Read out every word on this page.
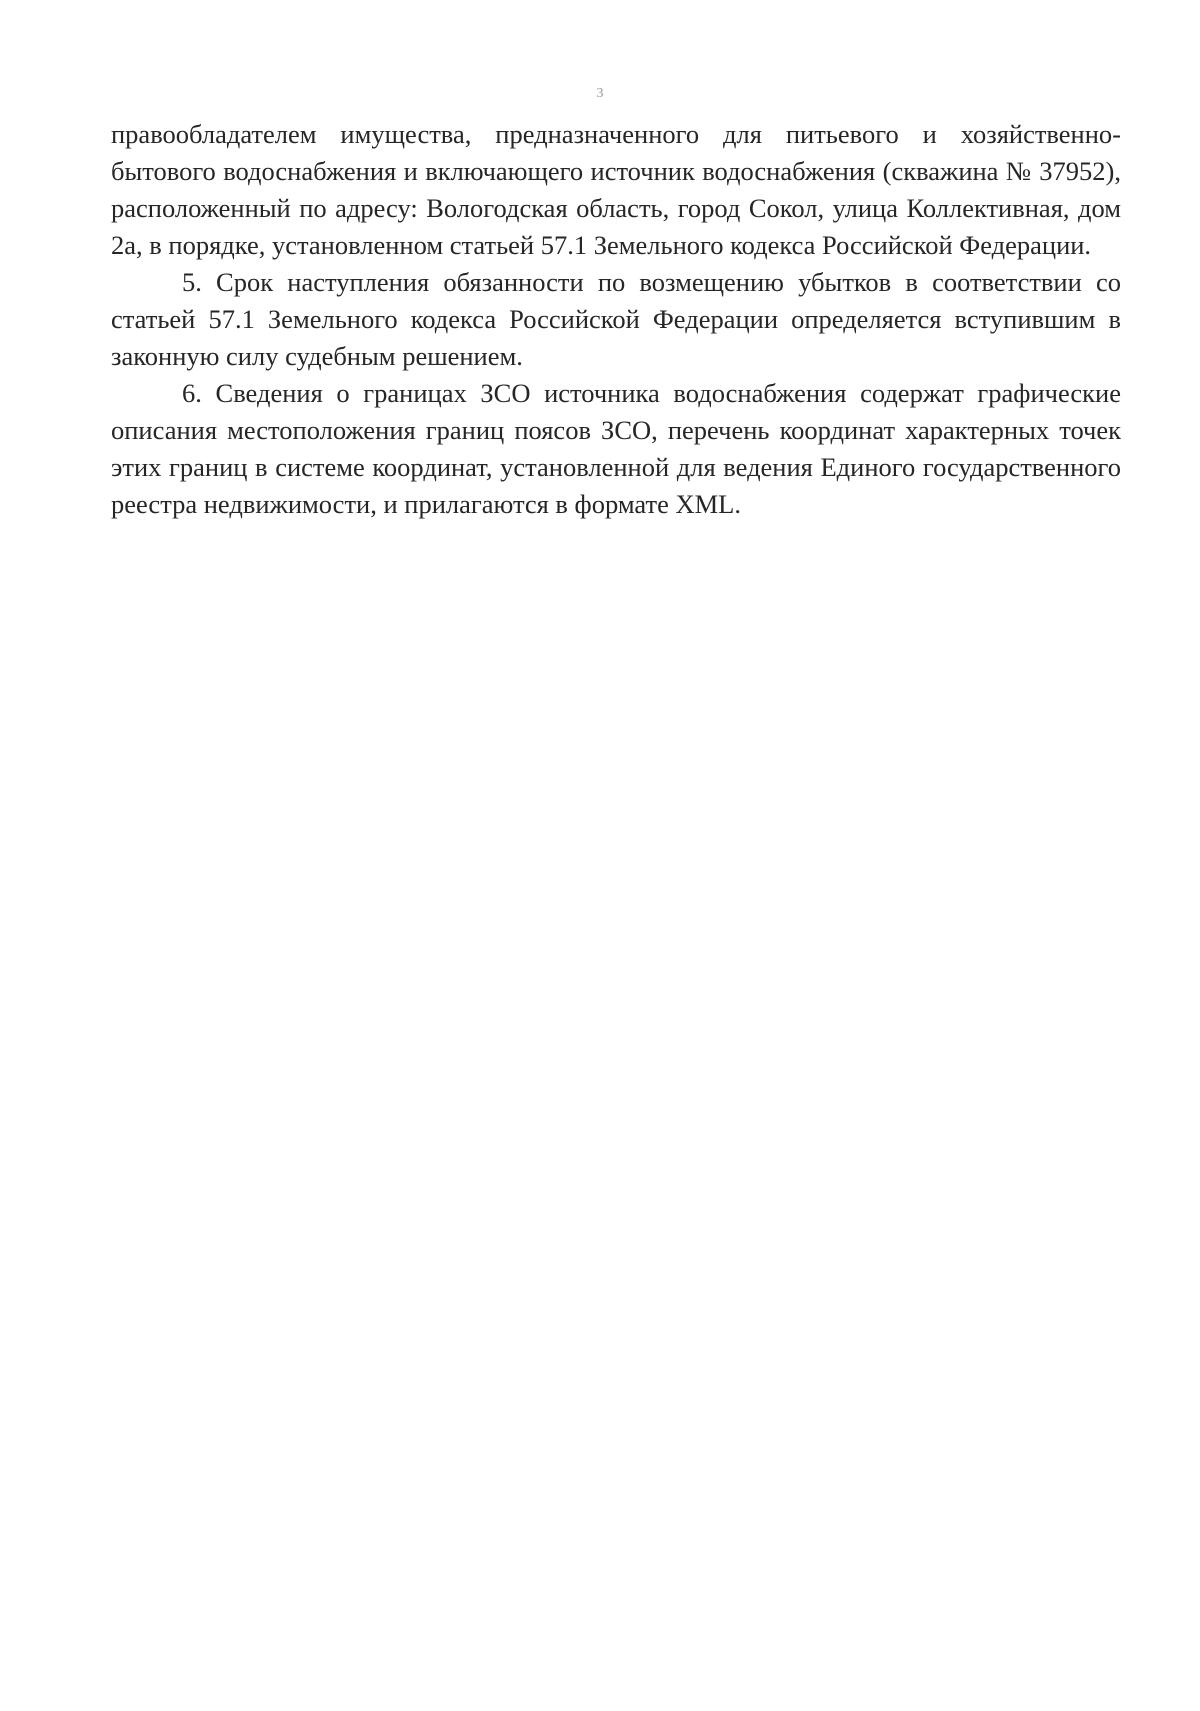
3

правообладателем имущества, предназначенного для питьевого и хозяйственно-бытового водоснабжения и включающего источник водоснабжения (скважина № 37952), расположенный по адресу: Вологодская область, город Сокол, улица Коллективная, дом 2а, в порядке, установленном статьей 57.1 Земельного кодекса Российской Федерации.

5. Срок наступления обязанности по возмещению убытков в соответствии со статьей 57.1 Земельного кодекса Российской Федерации определяется вступившим в законную силу судебным решением.

6. Сведения о границах ЗСО источника водоснабжения содержат графические описания местоположения границ поясов ЗСО, перечень координат характерных точек этих границ в системе координат, установленной для ведения Единого государственного реестра недвижимости, и прилагаются в формате XML.
